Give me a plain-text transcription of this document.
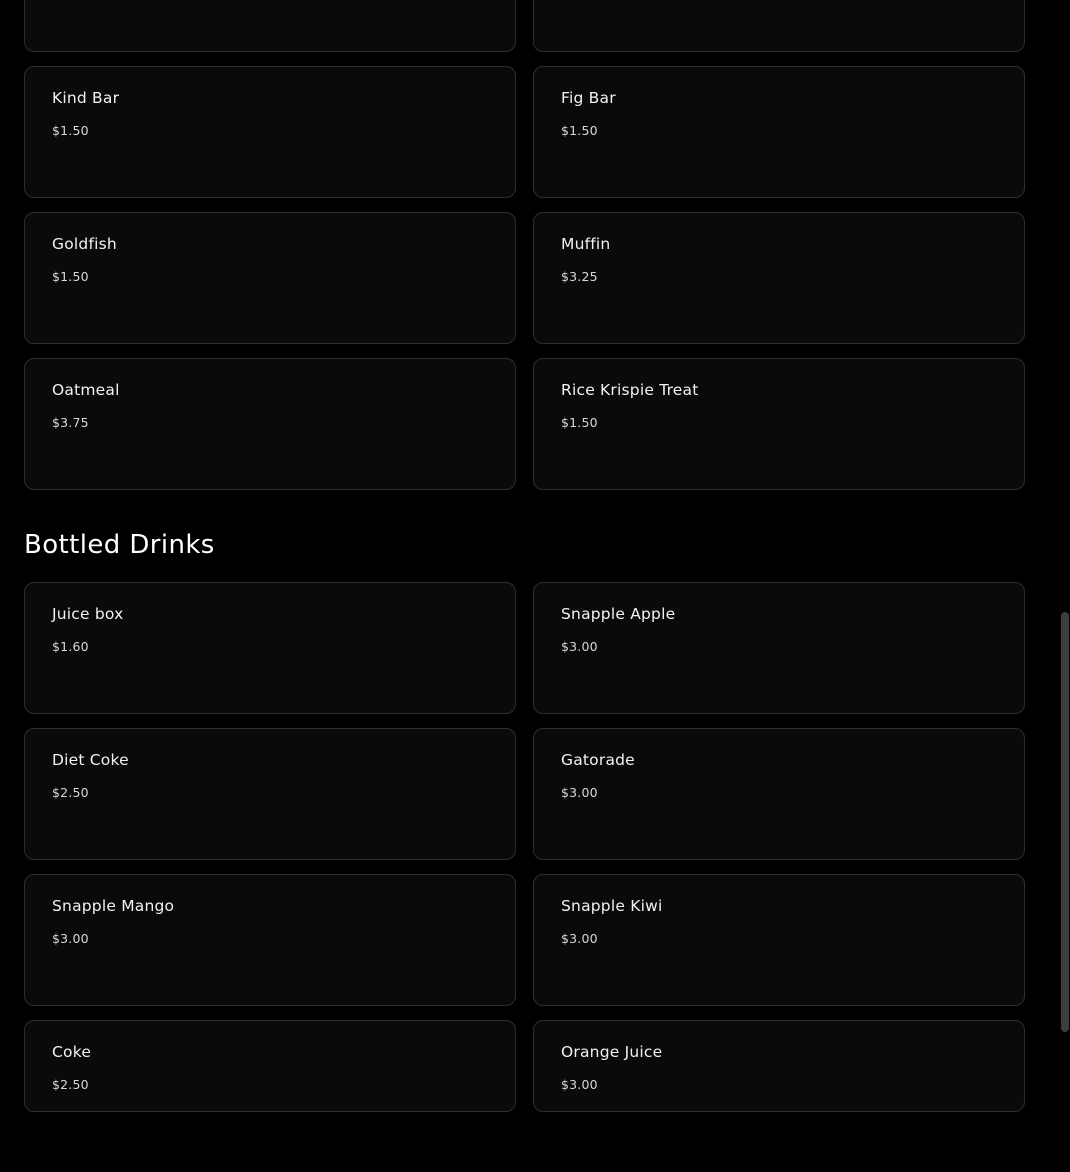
Kind Bar
$1.50
Fig Bar
$1.50
Goldfish
$1.50
Muffin
$3.25
Oatmeal
$3.75
Rice Krispie Treat
$1.50
Bottled Drinks
Juice box
$1.60
Snapple Apple
$3.00
Diet Coke
$2.50
Gatorade
$3.00
Snapple Mango
$3.00
Snapple Kiwi
$3.00
Coke
$2.50
Orange Juice
$3.00
